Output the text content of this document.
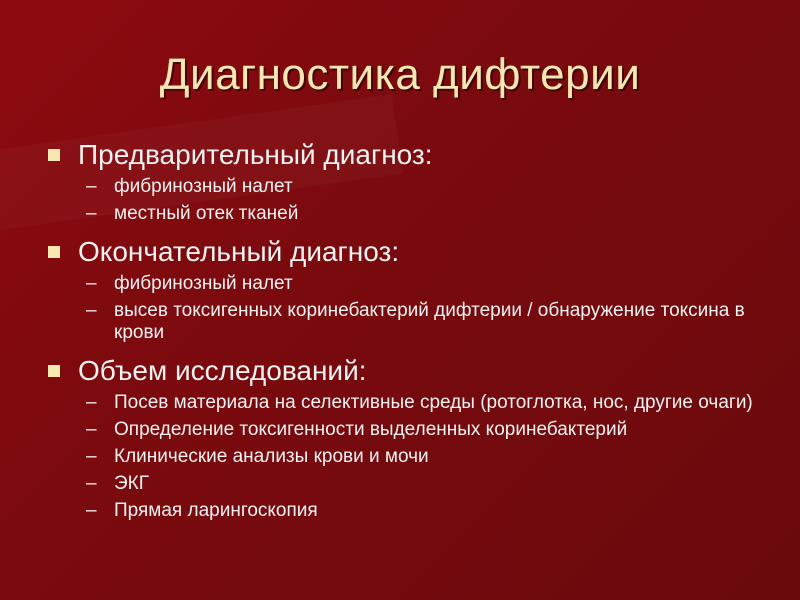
Диагностика дифтерии
Предварительный диагноз:
– фибринозный налет
– местный отек тканей
Окончательный диагноз:
– фибринозный налет
– высев токсигенных коринебактерий дифтерии / обнаружение токсина в крови
Объем исследований:
– Посев материала на селективные среды (ротоглотка, нос, другие очаги)
– Определение токсигенности выделенных коринебактерий
– Клинические анализы крови и мочи
– ЭКГ
– Прямая ларингоскопия
